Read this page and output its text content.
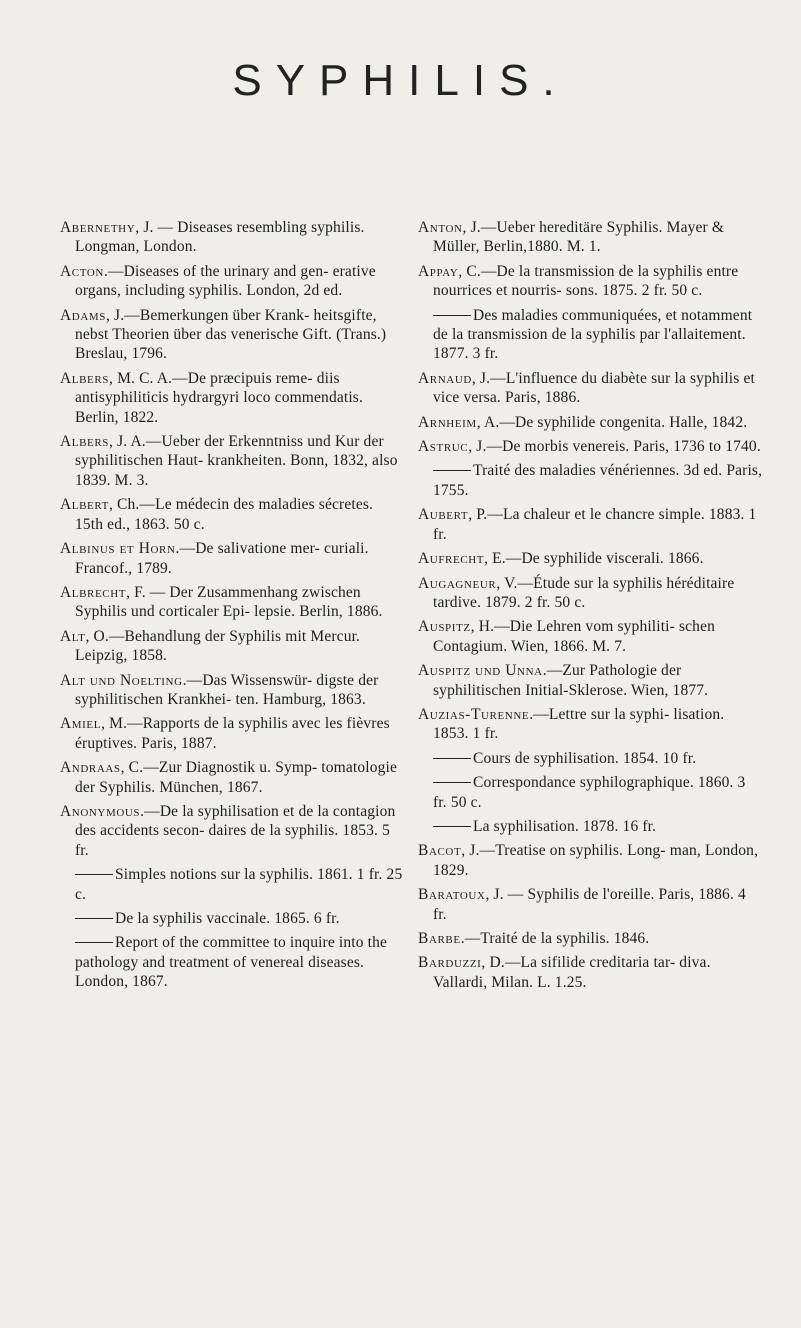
SYPHILIS.

Abernethy, J. — Diseases resembling syphilis. Longman, London.

Acton.—Diseases of the urinary and gen- erative organs, including syphilis. London, 2d ed.

Adams, J.—Bemerkungen über Krank- heitsgifte, nebst Theorien über das venerische Gift. (Trans.) Breslau, 1796.

Albers, M. C. A.—De præcipuis reme- diis antisyphiliticis hydrargyri loco commendatis. Berlin, 1822.

Albers, J. A.—Ueber der Erkenntniss und Kur der syphilitischen Haut- krankheiten. Bonn, 1832, also 1839. M. 3.

Albert, Ch.—Le médecin des maladies sécretes. 15th ed., 1863. 50 c.

Albinus et Horn.—De salivatione mer- curiali. Francof., 1789.

Albrecht, F. — Der Zusammenhang zwischen Syphilis und corticaler Epi- lepsie. Berlin, 1886.

Alt, O.—Behandlung der Syphilis mit Mercur. Leipzig, 1858.

Alt und Noelting.—Das Wissenswür- digste der syphilitischen Krankhei- ten. Hamburg, 1863.

Amiel, M.—Rapports de la syphilis avec les fièvres éruptives. Paris, 1887.

Andraas, C.—Zur Diagnostik u. Symp- tomatologie der Syphilis. München, 1867.

Anonymous.—De la syphilisation et de la contagion des accidents secon- daires de la syphilis. 1853. 5 fr.

Simples notions sur la syphilis. 1861. 1 fr. 25 c.

De la syphilis vaccinale. 1865. 6 fr.

Report of the committee to inquire into the pathology and treatment of venereal diseases. London, 1867.

Anton, J.—Ueber hereditäre Syphilis. Mayer & Müller, Berlin,1880. M. 1.

Appay, C.—De la transmission de la syphilis entre nourrices et nourris- sons. 1875. 2 fr. 50 c.

Des maladies communiquées, et notamment de la transmission de la syphilis par l'allaitement. 1877. 3 fr.

Arnaud, J.—L'influence du diabète sur la syphilis et vice versa. Paris, 1886.

Arnheim, A.—De syphilide congenita. Halle, 1842.

Astruc, J.—De morbis venereis. Paris, 1736 to 1740.

Traité des maladies vénériennes. 3d ed. Paris, 1755.

Aubert, P.—La chaleur et le chancre simple. 1883. 1 fr.

Aufrecht, E.—De syphilide viscerali. 1866.

Augagneur, V.—Étude sur la syphilis héréditaire tardive. 1879. 2 fr. 50 c.

Auspitz, H.—Die Lehren vom syphiliti- schen Contagium. Wien, 1866. M. 7.

Auspitz und Unna.—Zur Pathologie der syphilitischen Initial-Sklerose. Wien, 1877.

Auzias-Turenne.—Lettre sur la syphi- lisation. 1853. 1 fr.

Cours de syphilisation. 1854. 10 fr.

Correspondance syphilographique. 1860. 3 fr. 50 c.

La syphilisation. 1878. 16 fr.

Bacot, J.—Treatise on syphilis. Long- man, London, 1829.

Baratoux, J. — Syphilis de l'oreille. Paris, 1886. 4 fr.

Barbe.—Traité de la syphilis. 1846.

Barduzzi, D.—La sifilide creditaria tar- diva. Vallardi, Milan. L. 1.25.
